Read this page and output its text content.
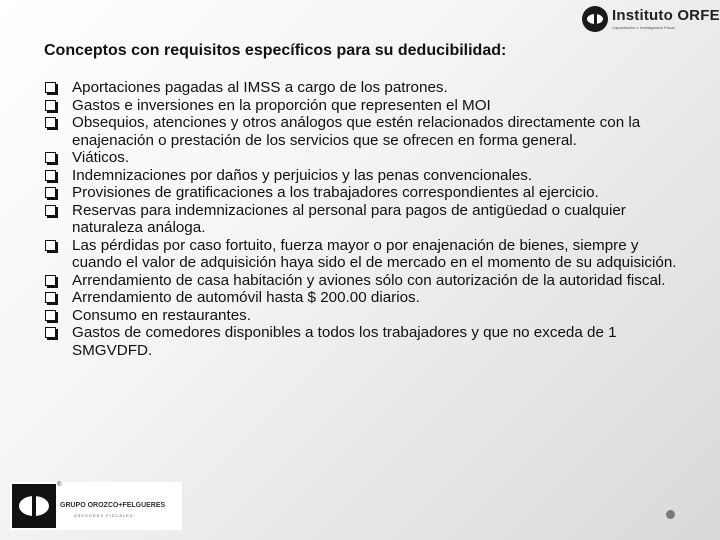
Instituto ORFE
Capacitación e Investigación Fiscal
Conceptos con requisitos específicos para su deducibilidad:
Aportaciones pagadas al IMSS a cargo de los patrones.
Gastos e inversiones en la proporción que representen el MOI
Obsequios, atenciones y otros análogos que estén relacionados directamente con la enajenación o prestación de los servicios que se ofrecen en forma general.
Viáticos.
Indemnizaciones por daños y perjuicios y las penas convencionales.
Provisiones de gratificaciones a los trabajadores correspondientes al ejercicio.
Reservas para indemnizaciones al personal para pagos de antigüedad o cualquier naturaleza análoga.
Las pérdidas por caso fortuito, fuerza mayor o por enajenación de bienes, siempre y cuando el valor de adquisición haya sido el de mercado en el momento de su adquisición.
Arrendamiento de casa habitación y aviones sólo con autorización de la autoridad fiscal.
Arrendamiento de automóvil hasta $ 200.00 diarios.
Consumo en restaurantes.
Gastos de comedores disponibles a todos los trabajadores y que no exceda de 1 SMGVDFD.
®
GRUPO OROZCO+FELGUERES
ASESORES FISCALES
